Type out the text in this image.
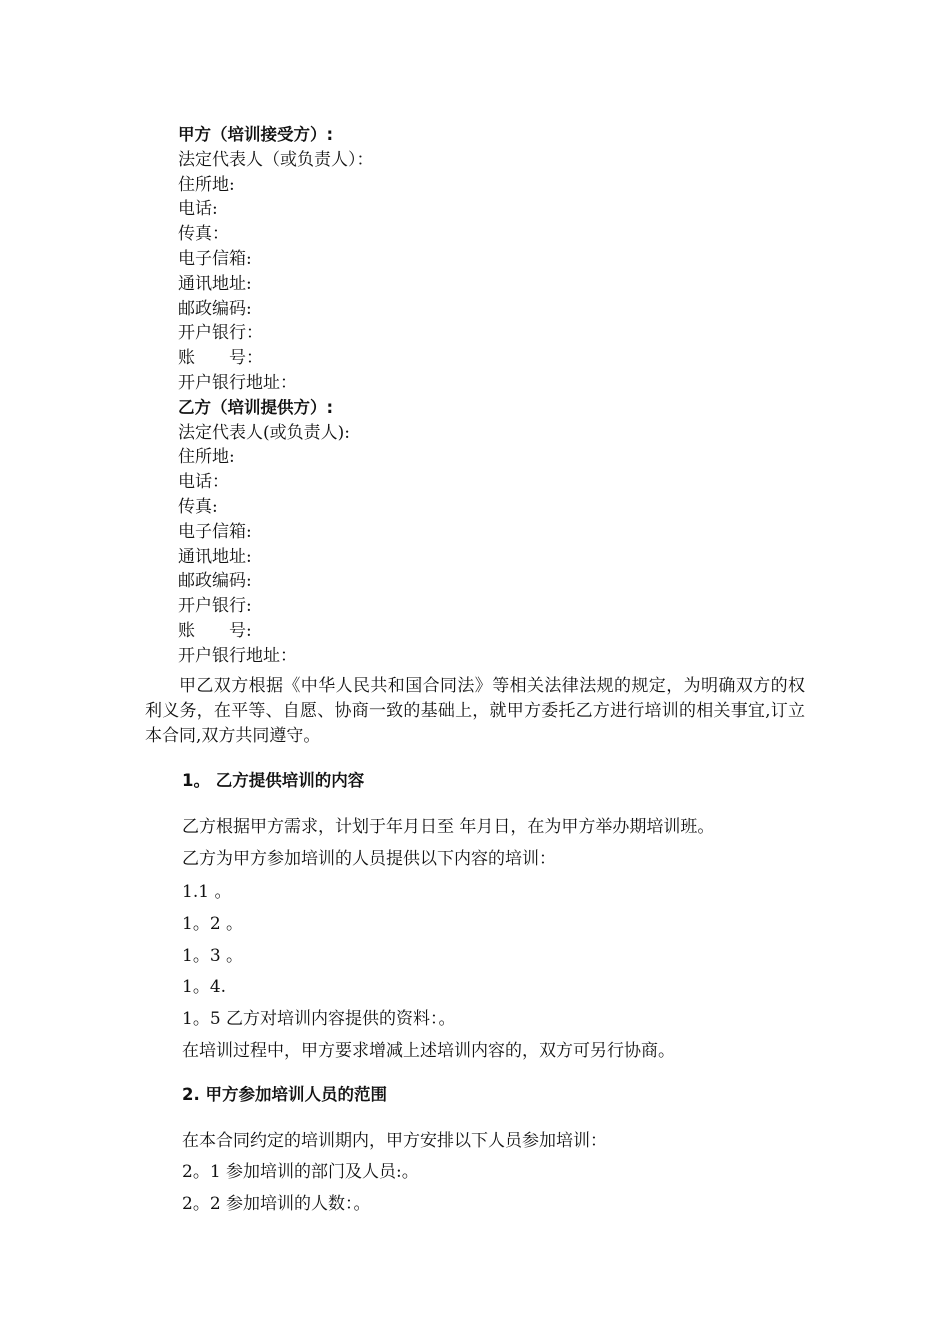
甲方（培训接受方）:
法定代表人（或负责人）：
住所地:
电话:
传真：
电子信箱:
通讯地址:
邮政编码:
开户银行：
账　　号：
开户银行地址：
乙方（培训提供方）:
法定代表人(或负责人):
住所地:
电话：
传真:
电子信箱:
通讯地址:
邮政编码:
开户银行:
账　　号:
开户银行地址：

甲乙双方根据《中华人民共和国合同法》等相关法律法规的规定，为明确双方的权利义务，在平等、自愿、协商一致的基础上，就甲方委托乙方进行培训的相关事宜,订立本合同,双方共同遵守。

1。 乙方提供培训的内容
乙方根据甲方需求，计划于年月日至 年月日，在为甲方举办期培训班。
乙方为甲方参加培训的人员提供以下内容的培训：
1.1 。
1。2 。
1。3 。
1。4.
1。5 乙方对培训内容提供的资料：。
在培训过程中，甲方要求增减上述培训内容的，双方可另行协商。
2. 甲方参加培训人员的范围
在本合同约定的培训期内，甲方安排以下人员参加培训：
2。1 参加培训的部门及人员:。
2。2 参加培训的人数：。
